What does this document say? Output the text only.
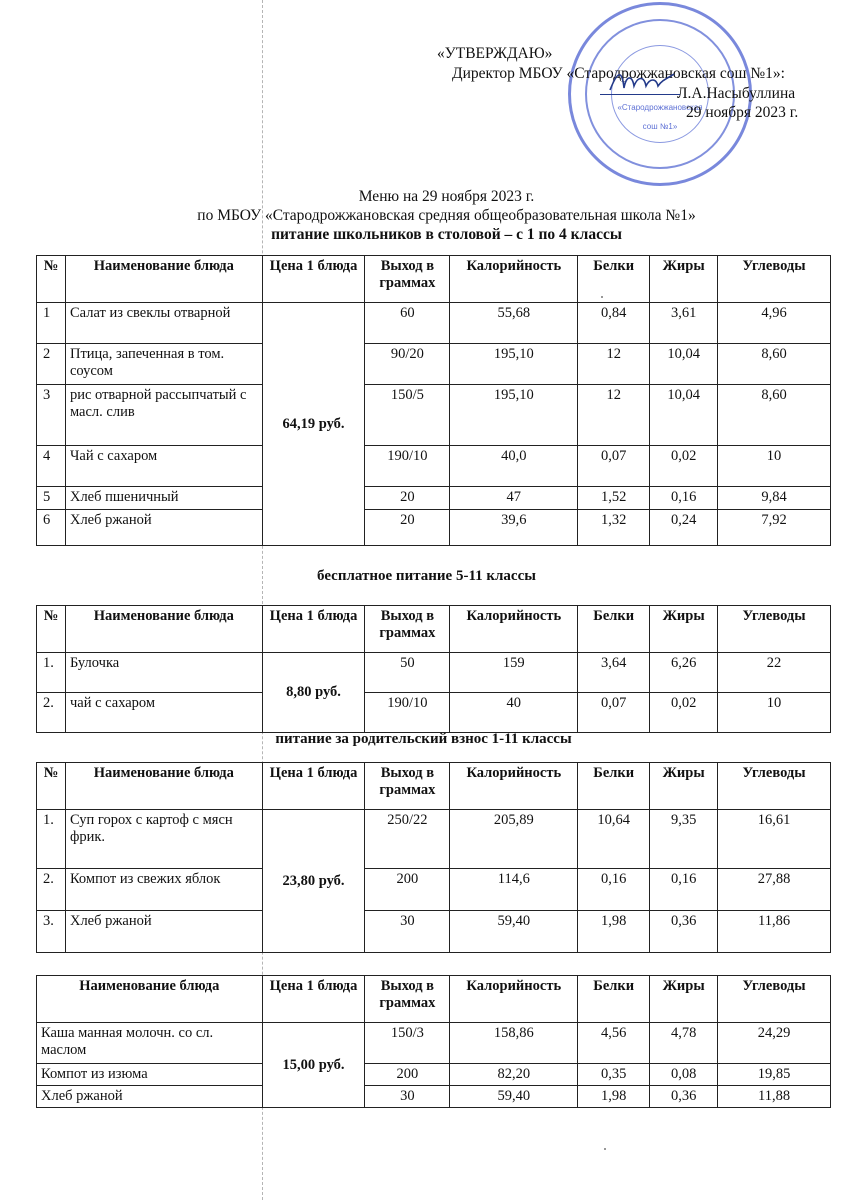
«Стародрожжановская
сош №1»
«УТВЕРЖДАЮ»
Директор МБОУ «Стародрожжановская сош №1»:
Л.А.Насыбуллина
29 ноября 2023 г.
Меню на 29 ноября 2023 г.
по МБОУ «Стародрожжановская средняя общеобразовательная школа №1»
питание школьников в столовой – с 1 по 4 классы
№	Наименование блюда	Цена 1 блюда	Выход в граммах	Калорийность	Белки	Жиры	Углеводы
1	Салат из свеклы отварной	64,19 руб.	60	55,68	0,84	3,61	4,96
2	Птица, запеченная в том. соусом		90/20	195,10	12	10,04	8,60
3	рис отварной рассыпчатый с масл. слив		150/5	195,10	12	10,04	8,60
4	Чай с сахаром		190/10	40,0	0,07	0,02	10
5	Хлеб пшеничный		20	47	1,52	0,16	9,84
6	Хлеб ржаной		20	39,6	1,32	0,24	7,92
бесплатное питание 5-11 классы
№	Наименование блюда	Цена 1 блюда	Выход в граммах	Калорийность	Белки	Жиры	Углеводы
1.	Булочка	8,80 руб.	50	159	3,64	6,26	22
2.	чай с сахаром		190/10	40	0,07	0,02	10
питание за родительский взнос 1-11 классы
№	Наименование блюда	Цена 1 блюда	Выход в граммах	Калорийность	Белки	Жиры	Углеводы
1.	Суп горох с картоф с мясн фрик.	23,80 руб.	250/22	205,89	10,64	9,35	16,61
2.	Компот из свежих яблок		200	114,6	0,16	0,16	27,88
3.	Хлеб ржаной		30	59,40	1,98	0,36	11,86
Наименование блюда	Цена 1 блюда	Выход в граммах	Калорийность	Белки	Жиры	Углеводы
Каша манная молочн. со сл. маслом	15,00 руб.	150/3	158,86	4,56	4,78	24,29
Компот из изюма		200	82,20	0,35	0,08	19,85
Хлеб ржаной		30	59,40	1,98	0,36	11,88
